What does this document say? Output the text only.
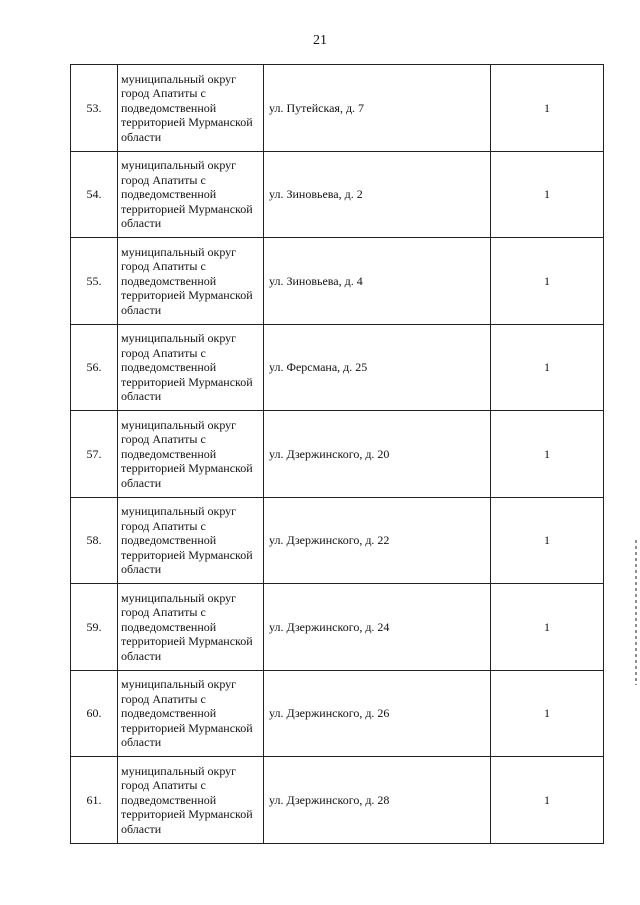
21
53.	муниципальный округ город Апатиты с подведомственной территорией Мурманской области	ул. Путейская, д. 7	1
54.	муниципальный округ город Апатиты с подведомственной территорией Мурманской области	ул. Зиновьева, д. 2	1
55.	муниципальный округ город Апатиты с подведомственной территорией Мурманской области	ул. Зиновьева, д. 4	1
56.	муниципальный округ город Апатиты с подведомственной территорией Мурманской области	ул. Ферсмана, д. 25	1
57.	муниципальный округ город Апатиты с подведомственной территорией Мурманской области	ул. Дзержинского, д. 20	1
58.	муниципальный округ город Апатиты с подведомственной территорией Мурманской области	ул. Дзержинского, д. 22	1
59.	муниципальный округ город Апатиты с подведомственной территорией Мурманской области	ул. Дзержинского, д. 24	1
60.	муниципальный округ город Апатиты с подведомственной территорией Мурманской области	ул. Дзержинского, д. 26	1
61.	муниципальный округ город Апатиты с подведомственной территорией Мурманской области	ул. Дзержинского, д. 28	1
